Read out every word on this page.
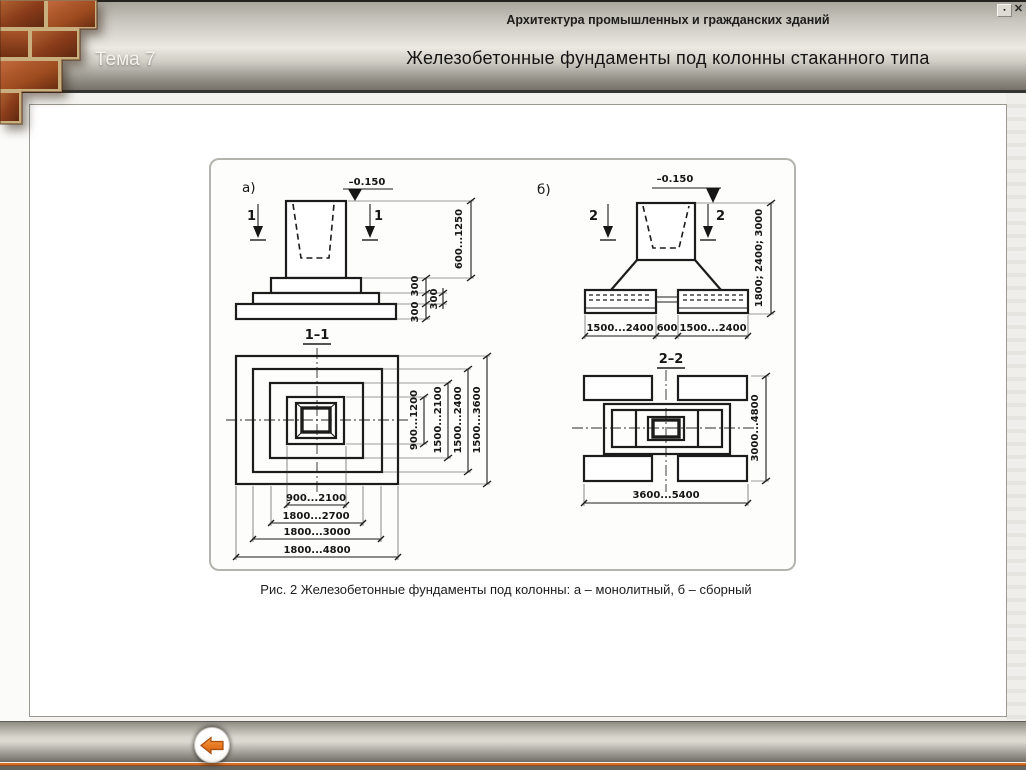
Архитектура промышленных и гражданских зданий
Железобетонные фундаменты под колонны стаканного типа
Тема 7
▪ ✕
а)	–0.150
1	1	600...1250
300
300
300
1–1
900...2100
1800...2700
1800...3000
1800...4800
900...1200 1500...2100 1500...2400 1500...3600
б)
–0.150
2	2	1800; 2400; 3000
1500...2400 600 1500...2400
2–2
3000...4800
3600...5400
Рис. 2 Железобетонные фундаменты под колонны: а – монолитный, б – сборный
